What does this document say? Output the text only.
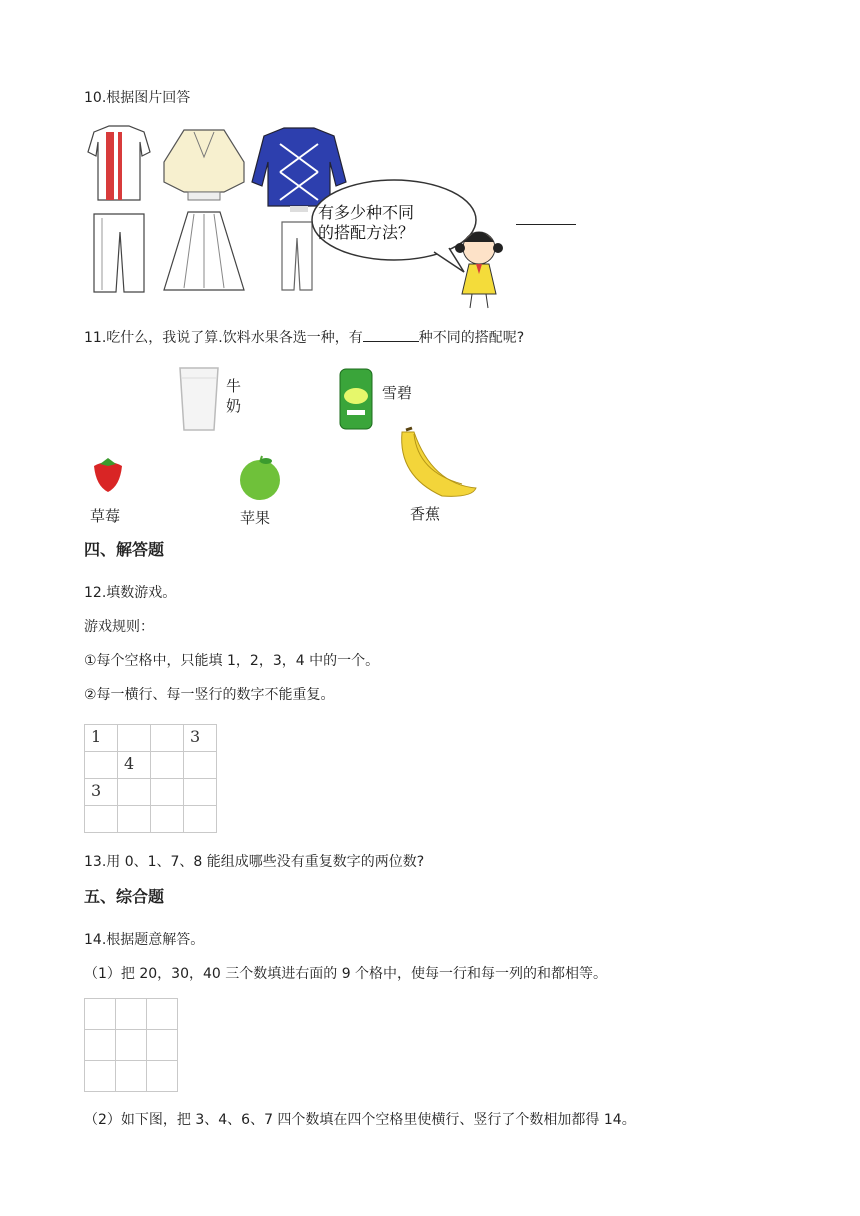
10.根据图片回答
有多少种不同
的搭配方法？
11.吃什么，我说了算.饮料水果各选一种，有	种不同的搭配呢?
牛
奶
雪碧
草莓	苹果	香蕉
四、解答题
12.填数游戏。
游戏规则：
①每个空格中，只能填 1，2，3，4 中的一个。
②每一横行、每一竖行的数字不能重复。
1			3
	4		
3			

13.用 0、1、7、8 能组成哪些没有重复数字的两位数?
五、综合题
14.根据题意解答。
（1）把 20，30，40 三个数填进右面的 9 个格中，使每一行和每一列的和都相等。

（2）如下图，把 3、4、6、7 四个数填在四个空格里使横行、竖行了个数相加都得 14。
